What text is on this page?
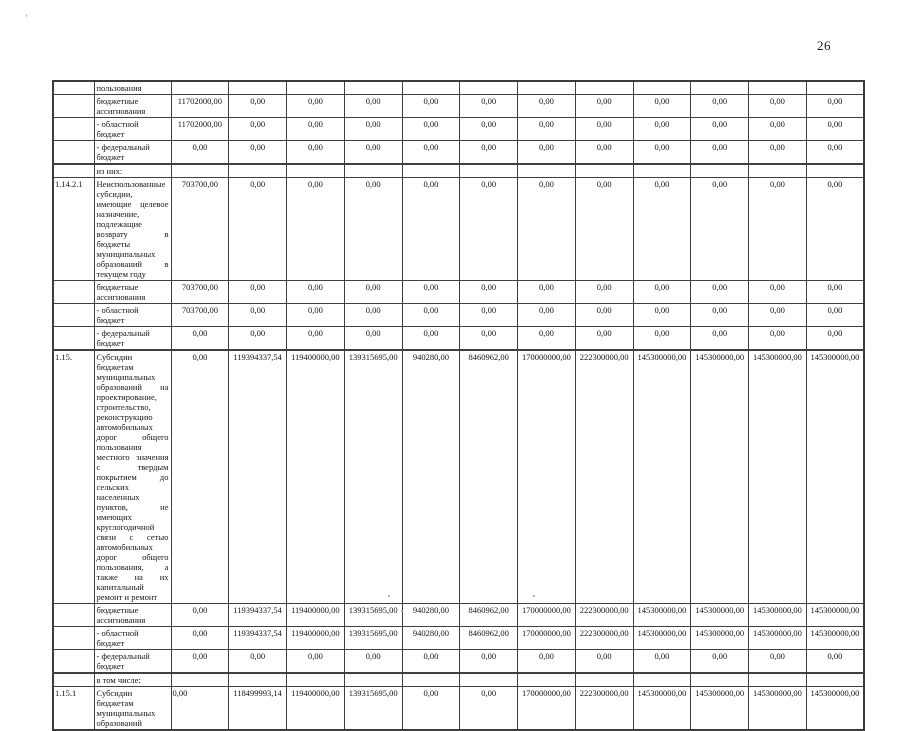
'
26
	пользования												
	бюджетные ассигнования	11702000,00	0,00	0,00	0,00	0,00	0,00	0,00	0,00	0,00	0,00	0,00	0,00
	- областной бюджет	11702000,00	0,00	0,00	0,00	0,00	0,00	0,00	0,00	0,00	0,00	0,00	0,00
	- федеральный бюджет	0,00	0,00	0,00	0,00	0,00	0,00	0,00	0,00	0,00	0,00	0,00	0,00
	из них:												
1.14.2.1	Неиспользованные субсидии, имеющие целевое назначение, подлежащие возврату в бюджеты муниципальных образований в текущем году	703700,00	0,00	0,00	0,00	0,00	0,00	0,00	0,00	0,00	0,00	0,00	0,00
	бюджетные ассигнования	703700,00	0,00	0,00	0,00	0,00	0,00	0,00	0,00	0,00	0,00	0,00	0,00
	- областной бюджет	703700,00	0,00	0,00	0,00	0,00	0,00	0,00	0,00	0,00	0,00	0,00	0,00
	- федеральный бюджет	0,00	0,00	0,00	0,00	0,00	0,00	0,00	0,00	0,00	0,00	0,00	0,00
1.15.	Субсидии бюджетам муниципальных образований на проектирование, строительство, реконструкцию автомобильных дорог общего пользования местного значения с твердым покрытием до сельских населенных пунктов, не имеющих круглогодичной связи с сетью автомобильных дорог общего пользования, а также на их капитальный ремонт и ремонт	0,00	119394337,54	119400000,00	139315695,00	940280,00	8460962,00	170000000,00	222300000,00	145300000,00	145300000,00	145300000,00	145300000,00
	бюджетные ассигнования	0,00	119394337,54	119400000,00	139315695,00	940280,00	8460962,00	170000000,00	222300000,00	145300000,00	145300000,00	145300000,00	145300000,00
	- областной бюджет	0,00	119394337,54	119400000,00	139315695,00	940280,00	8460962,00	170000000,00	222300000,00	145300000,00	145300000,00	145300000,00	145300000,00
	- федеральный бюджет	0,00	0,00	0,00	0,00	0,00	0,00	0,00	0,00	0,00	0,00	0,00	0,00
	в том числе:												
1.15.1	Субсидии бюджетам муниципальных образований	0,00	118499993,14	119400000,00	139315695,00	0,00	0,00	170000000,00	222300000,00	145300000,00	145300000,00	145300000,00	145300000,00
